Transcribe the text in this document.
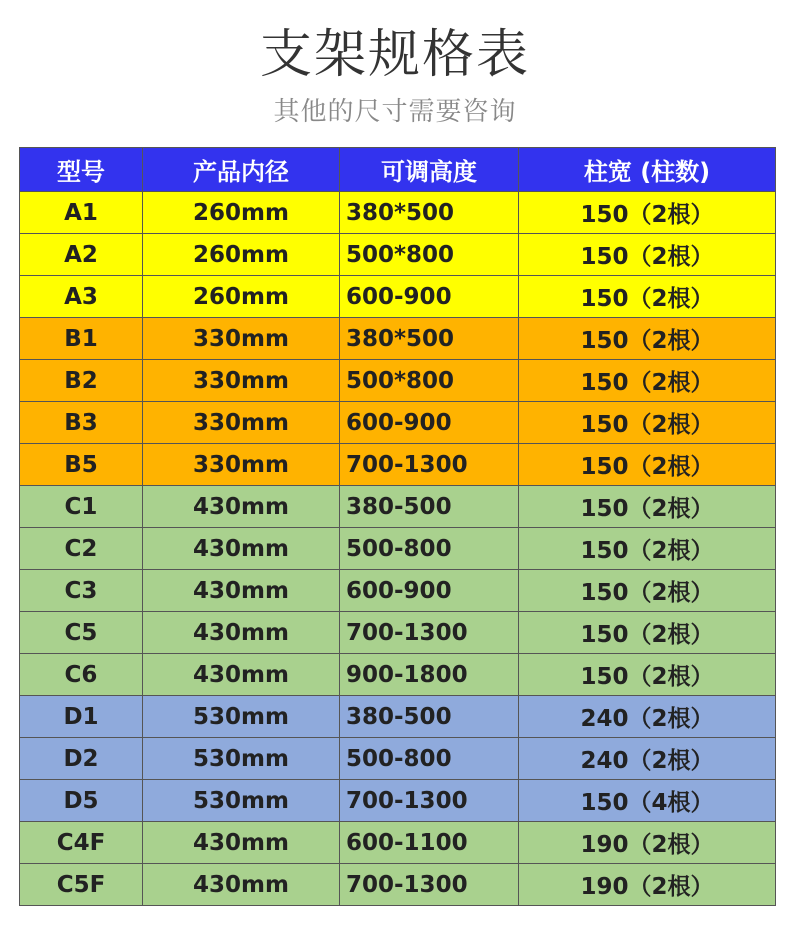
支架规格表
其他的尺寸需要咨询
型号	产品内径	可调高度	柱宽 (柱数)
A1	260mm	380*500	150（2根）
A2	260mm	500*800	150（2根）
A3	260mm	600-900	150（2根）
B1	330mm	380*500	150（2根）
B2	330mm	500*800	150（2根）
B3	330mm	600-900	150（2根）
B5	330mm	700-1300	150（2根）
C1	430mm	380-500	150（2根）
C2	430mm	500-800	150（2根）
C3	430mm	600-900	150（2根）
C5	430mm	700-1300	150（2根）
C6	430mm	900-1800	150（2根）
D1	530mm	380-500	240（2根）
D2	530mm	500-800	240（2根）
D5	530mm	700-1300	150（4根）
C4F	430mm	600-1100	190（2根）
C5F	430mm	700-1300	190（2根）
